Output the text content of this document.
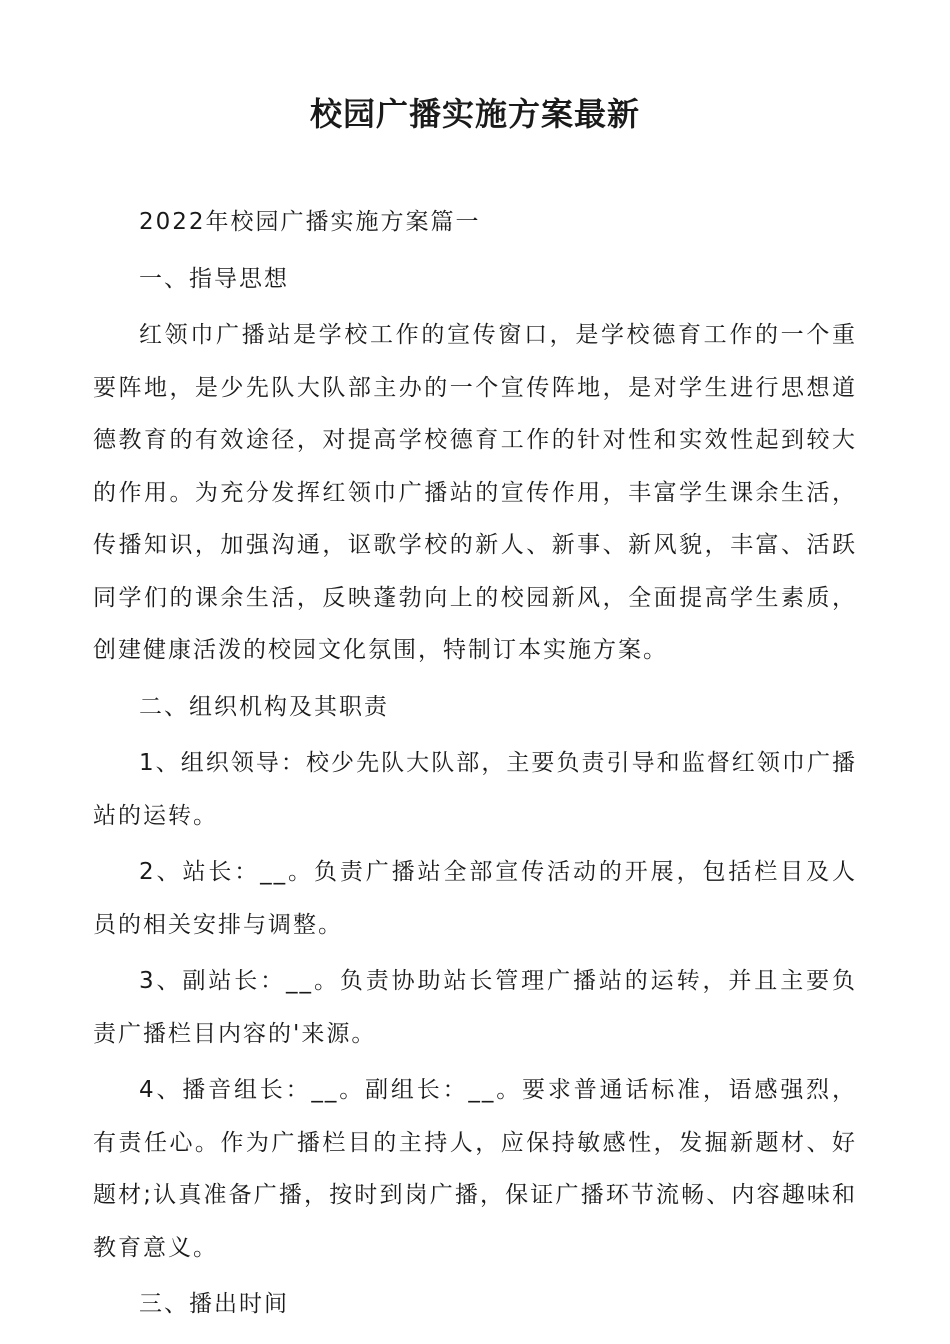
校园广播实施方案最新

2022年校园广播实施方案篇一

一、指导思想

红领巾广播站是学校工作的宣传窗口，是学校德育工作的一个重要阵地，是少先队大队部主办的一个宣传阵地，是对学生进行思想道德教育的有效途径，对提高学校德育工作的针对性和实效性起到较大的作用。为充分发挥红领巾广播站的宣传作用，丰富学生课余生活，传播知识，加强沟通，讴歌学校的新人、新事、新风貌，丰富、活跃同学们的课余生活，反映蓬勃向上的校园新风，全面提高学生素质，创建健康活泼的校园文化氛围，特制订本实施方案。

二、组织机构及其职责

1、组织领导：校少先队大队部，主要负责引导和监督红领巾广播站的运转。

2、站长：__。负责广播站全部宣传活动的开展，包括栏目及人员的相关安排与调整。

3、副站长：__。负责协助站长管理广播站的运转，并且主要负责广播栏目内容的'来源。

4、播音组长：__。副组长：__。要求普通话标准，语感强烈，有责任心。作为广播栏目的主持人，应保持敏感性，发掘新题材、好题材;认真准备广播，按时到岗广播，保证广播环节流畅、内容趣味和教育意义。

三、播出时间
